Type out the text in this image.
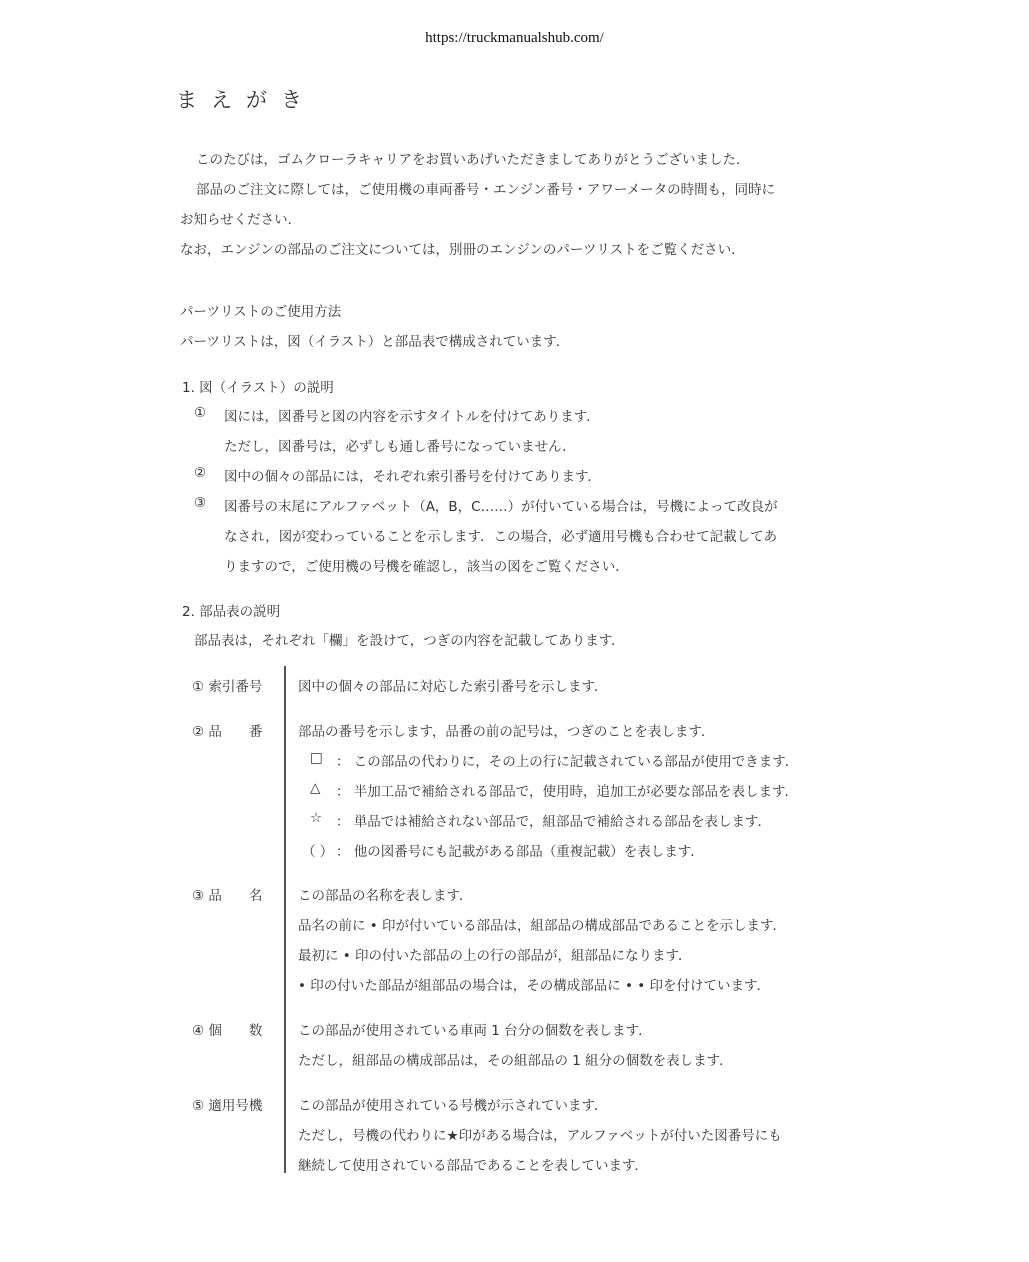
https://truckmanualshub.com/
まえがき
このたびは，ゴムクローラキャリアをお買いあげいただきましてありがとうございました．
部品のご注文に際しては，ご使用機の車両番号・エンジン番号・アワーメータの時間も，同時に
お知らせください．
なお，エンジンの部品のご注文については，別冊のエンジンのパーツリストをご覧ください．
パーツリストのご使用方法
パーツリストは，図（イラスト）と部品表で構成されています．
1. 図（イラスト）の説明
① 図には，図番号と図の内容を示すタイトルを付けてあります．
ただし，図番号は，必ずしも通し番号になっていません．
② 図中の個々の部品には，それぞれ索引番号を付けてあります．
③ 図番号の末尾にアルファベット（A，B，C……）が付いている場合は，号機によって改良が
なされ，図が変わっていることを示します．この場合，必ず適用号機も合わせて記載してあ
りますので，ご使用機の号機を確認し，該当の図をご覧ください．
2. 部品表の説明
部品表は，それぞれ「欄」を設けて，つぎの内容を記載してあります．
① 索引番号	図中の個々の部品に対応した索引番号を示します．
② 品　　番	部品の番号を示します，品番の前の記号は，つぎのことを表します．
□ ： この部品の代わりに，その上の行に記載されている部品が使用できます．
△ ： 半加工品で補給される部品で，使用時，追加工が必要な部品を表します．
☆ ： 単品では補給されない部品で，組部品で補給される部品を表します．
（ ） ： 他の図番号にも記載がある部品（重複記載）を表します．
③ 品　　名	この部品の名称を表します．
品名の前に • 印が付いている部品は，組部品の構成部品であることを示します．
最初に • 印の付いた部品の上の行の部品が，組部品になります．
• 印の付いた部品が組部品の場合は，その構成部品に • • 印を付けています．
④ 個　　数	この部品が使用されている車両 1 台分の個数を表します．
ただし，組部品の構成部品は，その組部品の 1 組分の個数を表します．
⑤ 適用号機	この部品が使用されている号機が示されています．
ただし，号機の代わりに★印がある場合は，アルファベットが付いた図番号にも
継続して使用されている部品であることを表しています．
